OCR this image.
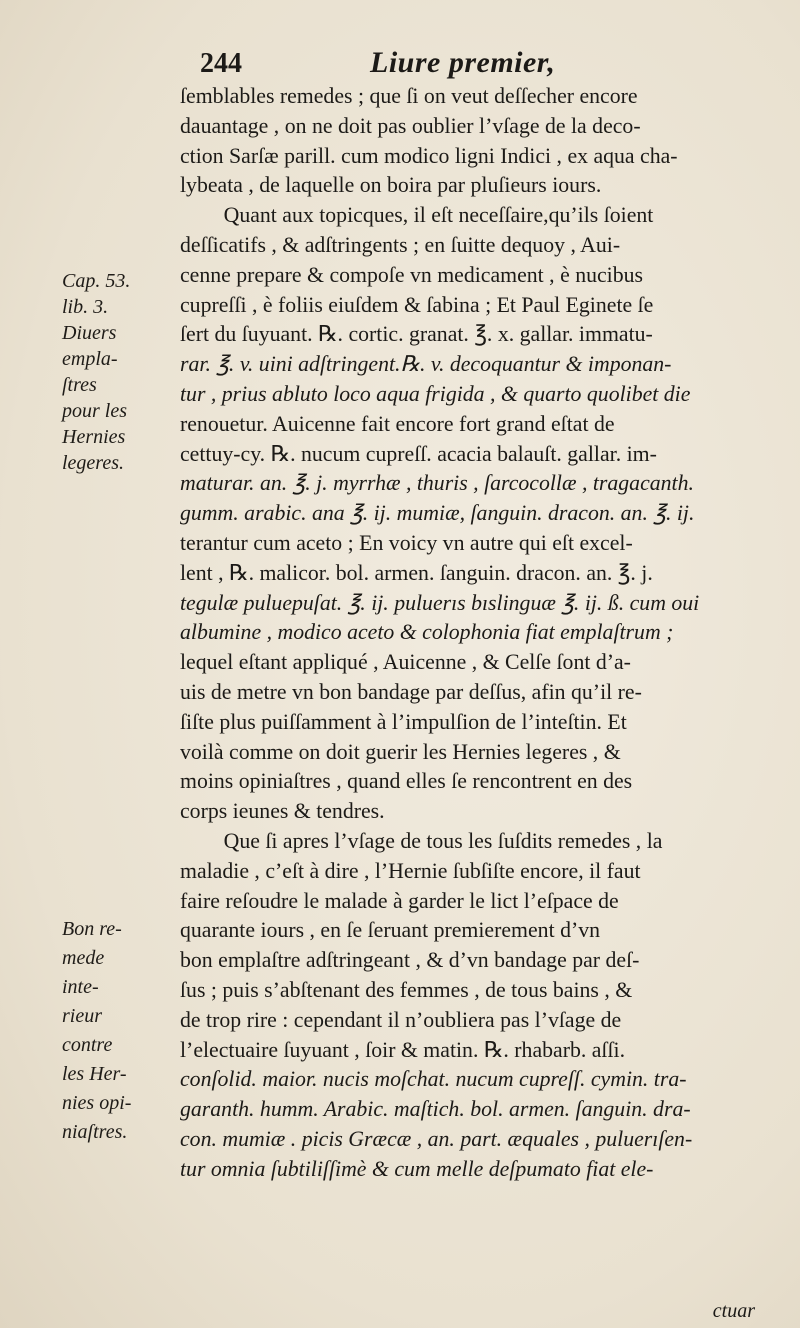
244	Liure premier,
Cap. 53.
lib. 3.
Diuers
empla-
ſtres
pour les
Hernies
legeres.
Bon re-
mede
inte-
rieur
contre
les Her-
nies opi-
niaſtres.
ſemblables remedes ; que ſi on veut deſſecher encore
dauantage , on ne doit pas oublier l’vſage de la deco-
ction Sarſæ parill. cum modico ligni Indici , ex aqua cha-
lybeata , de laquelle on boira par pluſieurs iours.
Quant aux topicques, il eſt neceſſaire,qu’ils ſoient
deſſicatifs , & adſtringents ; en ſuitte dequoy , Aui-
cenne prepare & compoſe vn medicament , è nucibus
cupreſſi , è foliis eiuſdem & ſabina ; Et Paul Eginete ſe
ſert du ſuyuant. ℞. cortic. granat. ℥. x. gallar. immatu-
rar. ℥. v. uini adſtringent.℞. v. decoquantur & imponan-
tur , prius abluto loco aqua frigida , & quarto quolibet die
renouetur. Auicenne fait encore fort grand eſtat de
cettuy-cy. ℞. nucum cupreſſ. acacia balauſt. gallar. im-
maturar. an. ℥. j. myrrhæ , thuris , ſarcocollæ , tragacanth.
gumm. arabic. ana ℥. ij. mumiæ, ſanguin. dracon. an. ℥. ij.
terantur cum aceto ; En voicy vn autre qui eſt excel-
lent , ℞. malicor. bol. armen. ſanguin. dracon. an. ℥. j.
tegulæ puluериſat. ℥. ij. puluerıs bıslinguæ ℥. ij. ß. cum oui
albumine , modico aceto & colophonia fiat emplaſtrum ;
lequel eſtant appliqué , Auicenne , & Celſe ſont d’a-
uis de metre vn bon bandage par deſſus, afin qu’il re-
ſiſte plus puiſſamment à l’impulſion de l’inteſtin. Et
voilà comme on doit guerir les Hernies legeres , &
moins opiniaſtres , quand elles ſe rencontrent en des
corps ieunes & tendres.
Que ſi apres l’vſage de tous les ſuſdits remedes , la
maladie , c’eſt à dire , l’Hernie ſubſiſte encore, il faut
faire reſoudre le malade à garder le lict l’eſpace de
quarante iours , en ſe ſeruant premierement d’vn
bon emplaſtre adſtringeant , & d’vn bandage par deſ-
ſus ; puis s’abſtenant des femmes , de tous bains , &
de trop rire : cependant il n’oubliera pas l’vſage de
l’electuaire ſuyuant , ſoir & matin. ℞. rhabarb. aſſi.
conſolid. maior. nucis moſchat. nucum cupreſſ. cymin. tra-
garanth. humm. Arabic. maſtich. bol. armen. ſanguin. dra-
con. mumiæ . picis Græcæ , an. part. æquales , puluerıſen-
tur omnia ſubtiliſſimè & cum melle deſpumato fiat ele-
ctuar
